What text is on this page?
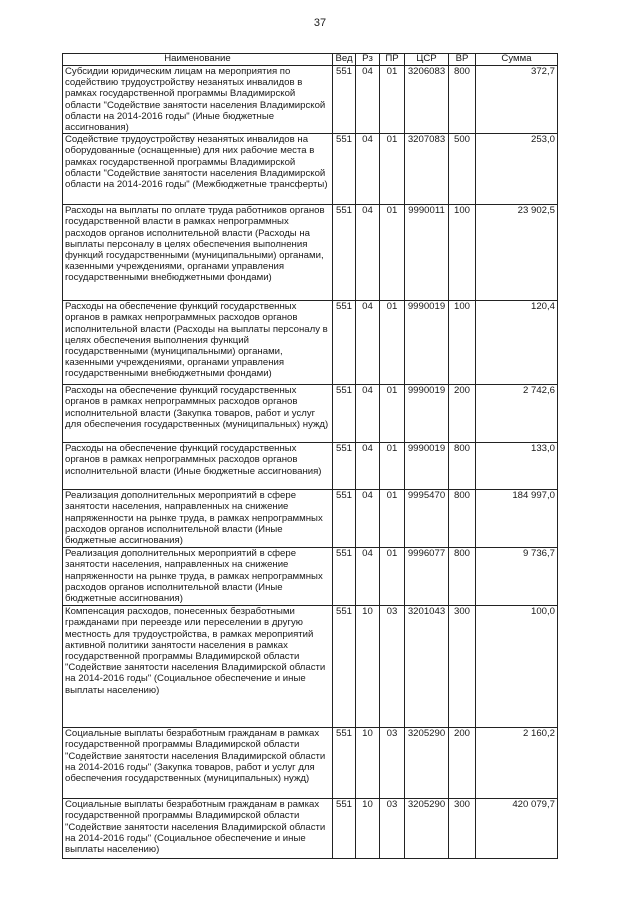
37
Наименование	Вед	Рз	ПР	ЦСР	ВР	Сумма
Субсидии юридическим лицам на мероприятия по содействию трудоустройству незанятых инвалидов в рамках государственной программы Владимирской области "Содействие занятости населения Владимирской области на 2014-2016 годы" (Иные бюджетные ассигнования)	551	04	01	3206083	800	372,7
Содействие трудоустройству незанятых инвалидов на оборудованные (оснащенные) для них рабочие места в рамках государственной программы Владимирской области "Содействие занятости населения Владимирской области на 2014-2016 годы" (Межбюджетные трансферты)	551	04	01	3207083	500	253,0
Расходы на выплаты по оплате труда работников органов государственной власти в рамках непрограммных расходов органов исполнительной власти (Расходы на выплаты персоналу в целях обеспечения выполнения функций государственными (муниципальными) органами, казенными учреждениями, органами управления государственными внебюджетными фондами)	551	04	01	9990011	100	23 902,5
Расходы на обеспечение функций государственных органов в рамках непрограммных расходов органов исполнительной власти (Расходы на выплаты персоналу в целях обеспечения выполнения функций государственными (муниципальными) органами, казенными учреждениями, органами управления государственными внебюджетными фондами)	551	04	01	9990019	100	120,4
Расходы на обеспечение функций государственных органов в рамках непрограммных расходов органов исполнительной власти (Закупка товаров, работ и услуг для обеспечения государственных (муниципальных) нужд)	551	04	01	9990019	200	2 742,6
Расходы на обеспечение функций государственных органов в рамках непрограммных расходов органов исполнительной власти (Иные бюджетные ассигнования)	551	04	01	9990019	800	133,0
Реализация дополнительных мероприятий в сфере занятости населения, направленных на снижение напряженности на рынке труда, в рамках непрограммных расходов органов исполнительной власти (Иные бюджетные ассигнования)	551	04	01	9995470	800	184 997,0
Реализация дополнительных мероприятий в сфере занятости населения, направленных на снижение напряженности на рынке труда, в рамках непрограммных расходов органов исполнительной власти (Иные бюджетные ассигнования)	551	04	01	9996077	800	9 736,7
Компенсация расходов, понесенных безработными гражданами при переезде или переселении в другую местность для трудоустройства, в рамках мероприятий активной политики занятости населения в рамках государственной программы Владимирской области "Содействие занятости населения Владимирской области на 2014-2016 годы" (Социальное обеспечение и иные выплаты населению)	551	10	03	3201043	300	100,0
Социальные выплаты безработным гражданам в рамках государственной программы Владимирской области "Содействие занятости населения Владимирской области на 2014-2016 годы" (Закупка товаров, работ и услуг для обеспечения государственных (муниципальных) нужд)	551	10	03	3205290	200	2 160,2
Социальные выплаты безработным гражданам в рамках государственной программы Владимирской области "Содействие занятости населения Владимирской области на 2014-2016 годы" (Социальное обеспечение и иные выплаты населению)	551	10	03	3205290	300	420 079,7
